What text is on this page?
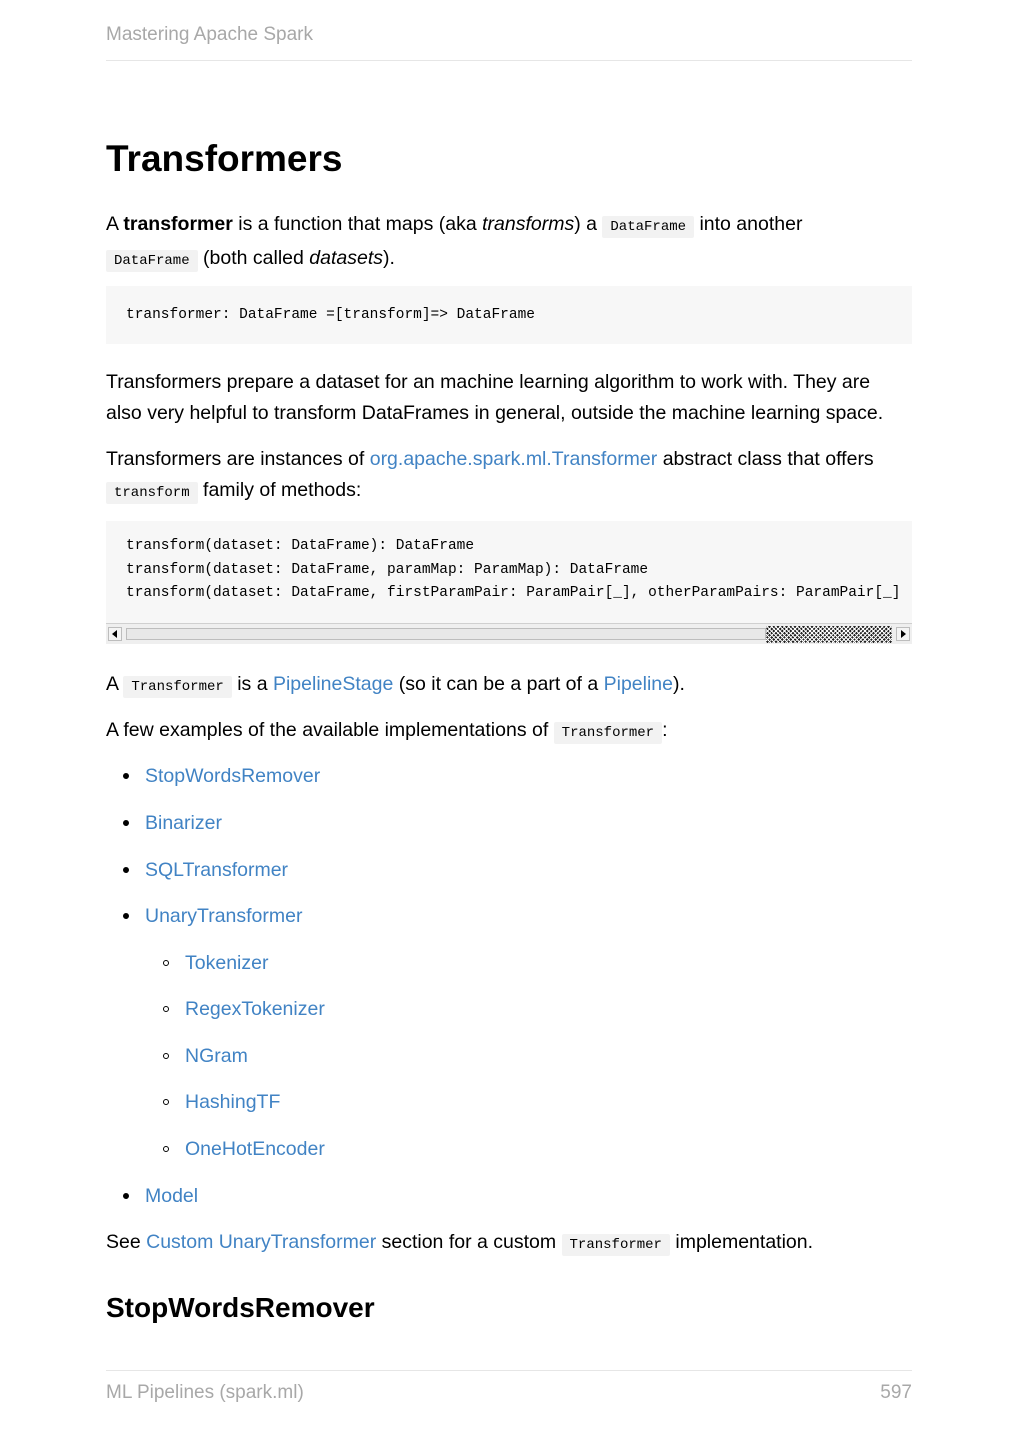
Mastering Apache Spark
Transformers

A transformer is a function that maps (aka transforms) a DataFrame into another
DataFrame (both called datasets).

transformer: DataFrame =[transform]=> DataFrame

Transformers prepare a dataset for an machine learning algorithm to work with. They are
also very helpful to transform DataFrames in general, outside the machine learning space.

Transformers are instances of org.apache.spark.ml.Transformer abstract class that offers
transform family of methods:

transform(dataset: DataFrame): DataFrame
transform(dataset: DataFrame, paramMap: ParamMap): DataFrame
transform(dataset: DataFrame, firstParamPair: ParamPair[_], otherParamPairs: ParamPair[_]

A Transformer is a PipelineStage (so it can be a part of a Pipeline).

A few examples of the available implementations of Transformer :

StopWordsRemover
Binarizer
SQLTransformer
UnaryTransformer
Tokenizer
RegexTokenizer
NGram
HashingTF
OneHotEncoder
Model

See Custom UnaryTransformer section for a custom Transformer implementation.

StopWordsRemover
ML Pipelines (spark.ml)	597
